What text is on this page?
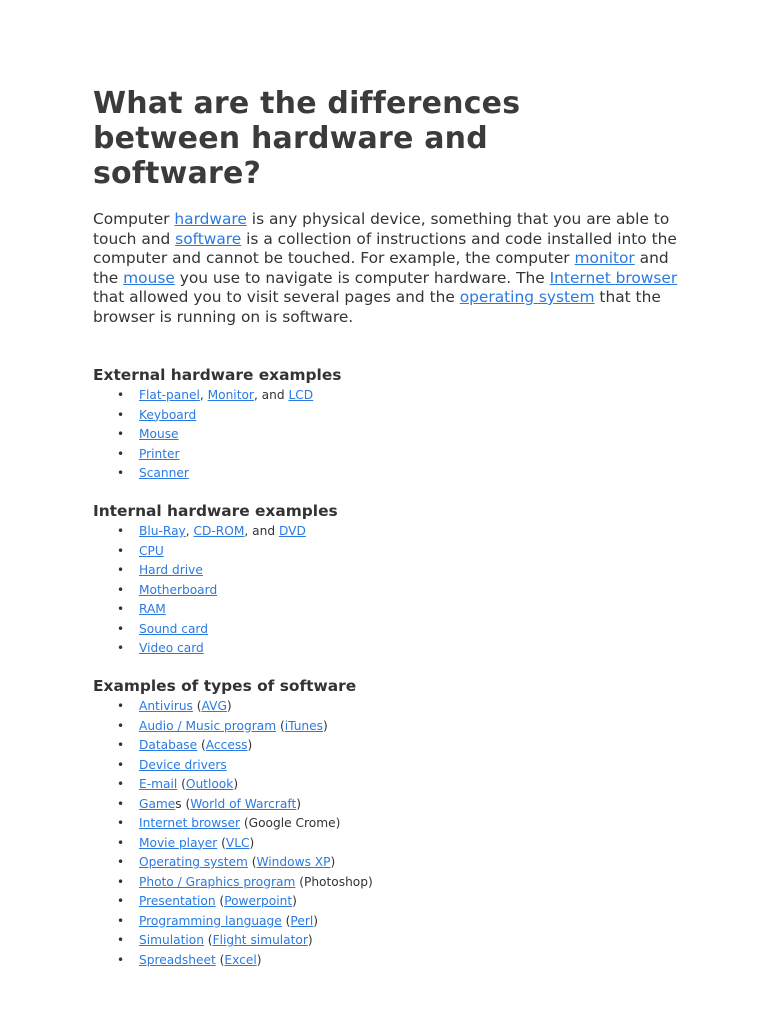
What are the differences between hardware and software?

Computer hardware is any physical device, something that you are able to touch and software is a collection of instructions and code installed into the computer and cannot be touched. For example, the computer monitor and the mouse you use to navigate is computer hardware. The Internet browser that allowed you to visit several pages and the operating system that the browser is running on is software.

External hardware examples
• Flat-panel, Monitor, and LCD
• Keyboard
• Mouse
• Printer
• Scanner
Internal hardware examples
• Blu-Ray, CD-ROM, and DVD
• CPU
• Hard drive
• Motherboard
• RAM
• Sound card
• Video card
Examples of types of software
• Antivirus (AVG)
• Audio / Music program (iTunes)
• Database (Access)
• Device drivers
• E-mail (Outlook)
• Games (World of Warcraft)
• Internet browser (Google Crome)
• Movie player (VLC)
• Operating system (Windows XP)
• Photo / Graphics program (Photoshop)
• Presentation (Powerpoint)
• Programming language (Perl)
• Simulation (Flight simulator)
• Spreadsheet (Excel)
